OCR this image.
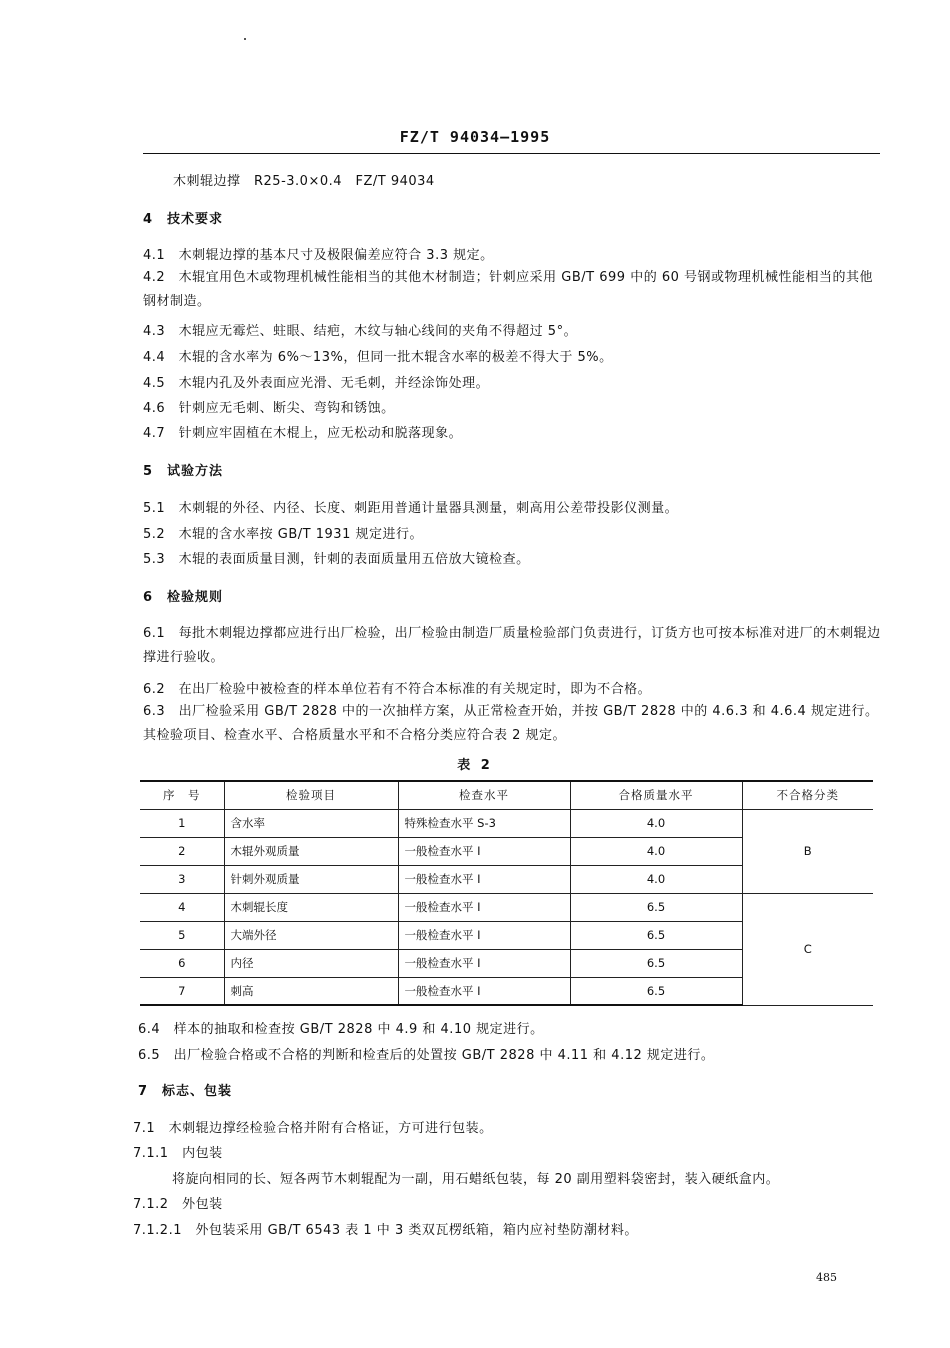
FZ/T 94034—1995
木刺辊边撑　R25-3.0×0.4　FZ/T 94034
4　技术要求
4.1　木刺辊边撑的基本尺寸及极限偏差应符合 3.3 规定。
4.2　木辊宜用色木或物理机械性能相当的其他木材制造；针刺应采用 GB/T 699 中的 60 号钢或物理机械性能相当的其他钢材制造。
4.3　木辊应无霉烂、蛀眼、结疤，木纹与轴心线间的夹角不得超过 5°。
4.4　木辊的含水率为 6%～13%，但同一批木辊含水率的极差不得大于 5%。
4.5　木辊内孔及外表面应光滑、无毛刺，并经涂饰处理。
4.6　针刺应无毛刺、断尖、弯钩和锈蚀。
4.7　针刺应牢固植在木棍上，应无松动和脱落现象。
5　试验方法
5.1　木刺辊的外径、内径、长度、刺距用普通计量器具测量，刺高用公差带投影仪测量。
5.2　木辊的含水率按 GB/T 1931 规定进行。
5.3　木辊的表面质量目测，针刺的表面质量用五倍放大镜检查。
6　检验规则
6.1　每批木刺辊边撑都应进行出厂检验，出厂检验由制造厂质量检验部门负责进行，订货方也可按本标准对进厂的木刺辊边撑进行验收。
6.2　在出厂检验中被检查的样本单位若有不符合本标准的有关规定时，即为不合格。
6.3　出厂检验采用 GB/T 2828 中的一次抽样方案，从正常检查开始，并按 GB/T 2828 中的 4.6.3 和 4.6.4 规定进行。其检验项目、检查水平、合格质量水平和不合格分类应符合表 2 规定。
表 2
序　号	检验项目	检查水平	合格质量水平	不合格分类
1	含水率	特殊检查水平 S-3	4.0	B
2	木辊外观质量	一般检查水平 I	4.0	
3	针刺外观质量	一般检查水平 I	4.0	
4	木刺辊长度	一般检查水平 I	6.5	C
5	大端外径	一般检查水平 I	6.5	
6	内径	一般检查水平 I	6.5	
7	刺高	一般检查水平 I	6.5	
6.4　样本的抽取和检查按 GB/T 2828 中 4.9 和 4.10 规定进行。
6.5　出厂检验合格或不合格的判断和检查后的处置按 GB/T 2828 中 4.11 和 4.12 规定进行。
7　标志、包装
7.1　木刺辊边撑经检验合格并附有合格证，方可进行包装。
7.1.1　内包装
将旋向相同的长、短各两节木刺辊配为一副，用石蜡纸包装，每 20 副用塑料袋密封，装入硬纸盒内。
7.1.2　外包装
7.1.2.1　外包装采用 GB/T 6543 表 1 中 3 类双瓦楞纸箱，箱内应衬垫防潮材料。
485
